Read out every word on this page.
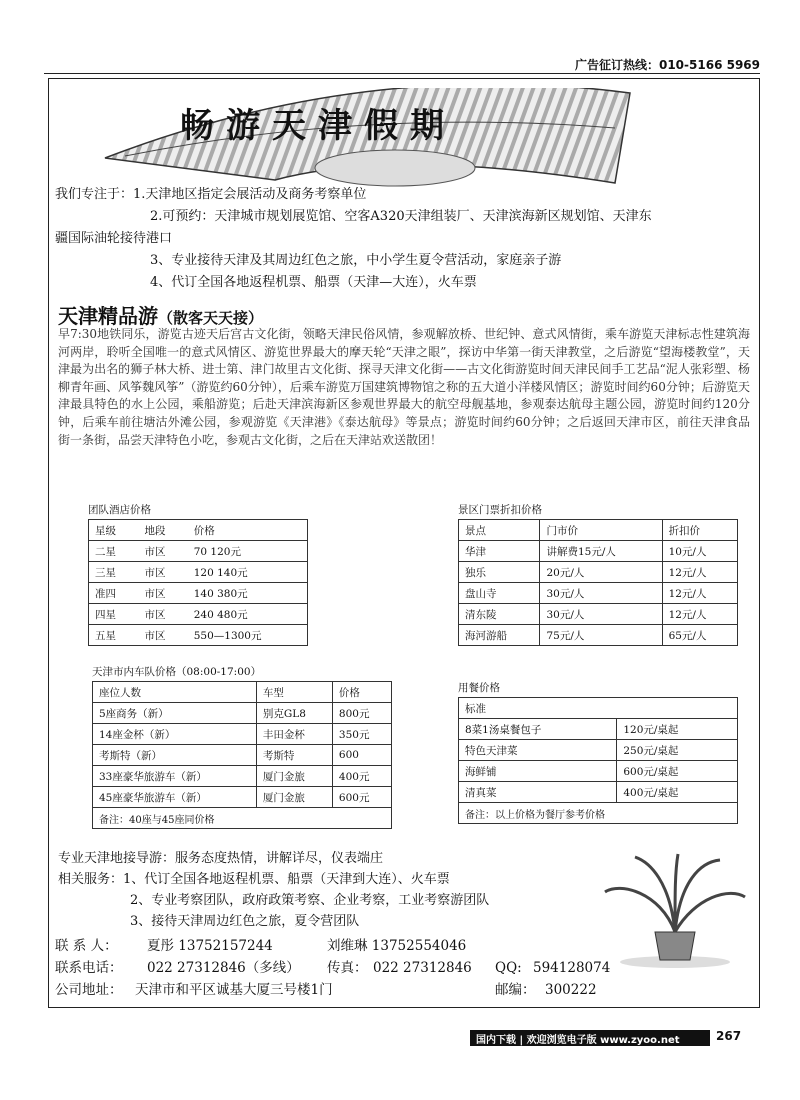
广告征订热线：010-5166 5969
畅游天津假期
我们专注于：1.天津地区指定会展活动及商务考察单位
2.可预约：天津城市规划展览馆、空客A320天津组装厂、天津滨海新区规划馆、天津东
疆国际油轮接待港口
3、专业接待天津及其周边红色之旅，中小学生夏令营活动，家庭亲子游
4、代订全国各地返程机票、船票（天津—大连），火车票
天津精品游（散客天天接）
早7:30地铁同乐，游览古迹天后宫古文化街，领略天津民俗风情，参观解放桥、世纪钟、意式风情街，乘车游览天津标志性建筑海河两岸，聆听全国唯一的意式风情区、游览世界最大的摩天轮“天津之眼”，探访中华第一街天津教堂，之后游览“望海楼教堂”，天津最为出名的狮子林大桥、进士第、津门故里古文化街、探寻天津文化街——古文化街游览时间天津民间手工艺品“泥人张彩塑、杨柳青年画、风筝魏风筝”（游览约60分钟），后乘车游览万国建筑博物馆之称的五大道小洋楼风情区；游览时间约60分钟；后游览天津最具特色的水上公园，乘船游览；后赴天津滨海新区参观世界最大的航空母舰基地，参观泰达航母主题公园，游览时间约120分钟，后乘车前往塘沽外滩公园，参观游览《天津港》《泰达航母》等景点；游览时间约60分钟；之后返回天津市区，前往天津食品街一条街，品尝天津特色小吃，参观古文化街，之后在天津站欢送散团！
团队酒店价格
星级	地段	价格
二星	市区	70 120元
三星	市区	120 140元
准四	市区	140 380元
四星	市区	240 480元
五星	市区	550—1300元
景区门票折扣价格
景点	门市价	折扣价
华津	讲解费15元/人	10元/人
独乐	20元/人	12元/人
盘山寺	30元/人	12元/人
清东陵	30元/人	12元/人
海河游船	75元/人	65元/人
天津市内车队价格（08:00-17:00）
座位人数	车型	价格
5座商务（新）	别克GL8	800元
14座金杯（新）	丰田金杯	350元
考斯特（新）	考斯特	600
33座豪华旅游车（新）	厦门金旅	400元
45座豪华旅游车（新）	厦门金旅	600元
备注：40座与45座同价格		
用餐价格
标准	
8菜1汤桌餐包子	120元/桌起
特色天津菜	250元/桌起
海鲜铺	600元/桌起
清真菜	400元/桌起
备注：以上价格为餐厅参考价格	
专业天津地接导游：服务态度热情，讲解详尽，仪表端庄
相关服务：1、代订全国各地返程机票、船票（天津到大连）、火车票
2、专业考察团队，政府政策考察、企业考察，工业考察游团队
3、接待天津周边红色之旅，夏令营团队
联 系 人： 夏彤 13752157244	刘维琳 13752554046
联系电话： 022 27312846（多线） 传真： 022 27312846 QQ: 594128074
公司地址： 天津市和平区诚基大厦三号楼1门	邮编： 300222
国内下载 | 欢迎浏览电子版 www.zyoo.net	267
